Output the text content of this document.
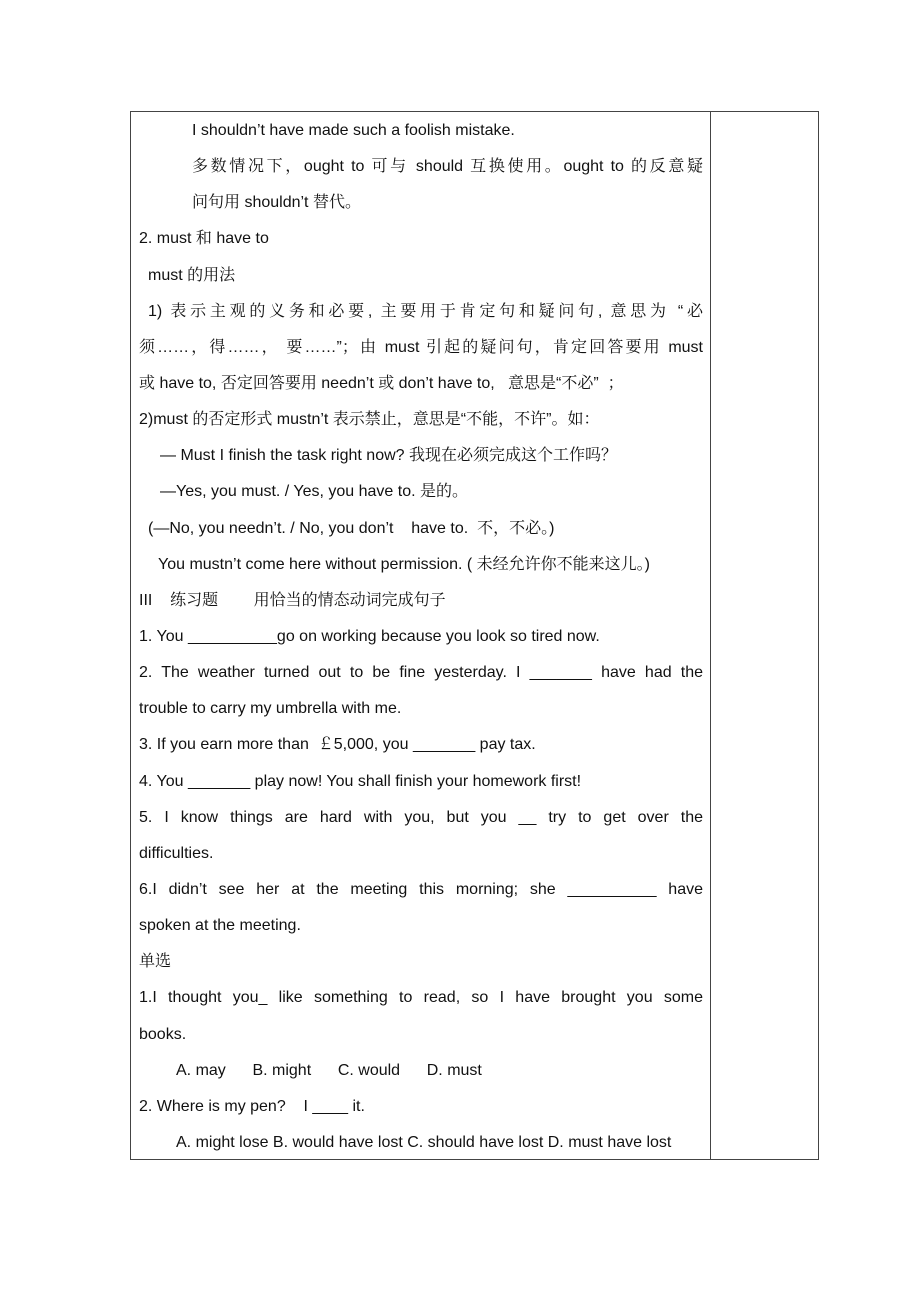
I shouldn’t have made such a foolish mistake.
多数情况下，ought to 可与 should 互换使用。ought to 的反意疑
问句用 shouldn’t 替代。
2. must 和 have to
must 的用法
1) 表示主观的义务和必要, 主要用于肯定句和疑问句, 意思为 “必
须……，得……， 要……”；由 must 引起的疑问句，肯定回答要用 must
或 have to, 否定回答要用 needn’t 或 don’t have to,   意思是“不必”  ；
2)must 的否定形式 mustn’t 表示禁止，意思是“不能，不许”。如：
— Must I finish the task right now? 我现在必须完成这个工作吗？
—Yes, you must. / Yes, you have to. 是的。
(—No, you needn’t. / No, you don’t    have to.  不，不必。)
You mustn’t come here without permission. ( 未经允许你不能来这儿。)
III    练习题        用恰当的情态动词完成句子
1. You __________go on working because you look so tired now.
2. The weather turned out to be fine yesterday. I _______ have had the
trouble to carry my umbrella with me.
3. If you earn more than  ￡5,000, you _______ pay tax.
4. You _______ play now! You shall finish your homework first!
5. I know things are hard with you, but you __ try to get over the
difficulties.
6.I didn’t see her at the meeting this morning; she __________ have
spoken at the meeting.
单选
1.I thought you_ like something to read, so I have brought you some
books.
A. may      B. might      C. would      D. must
2. Where is my pen?    I ____ it.
A. might lose B. would have lost C. should have lost D. must have lost
